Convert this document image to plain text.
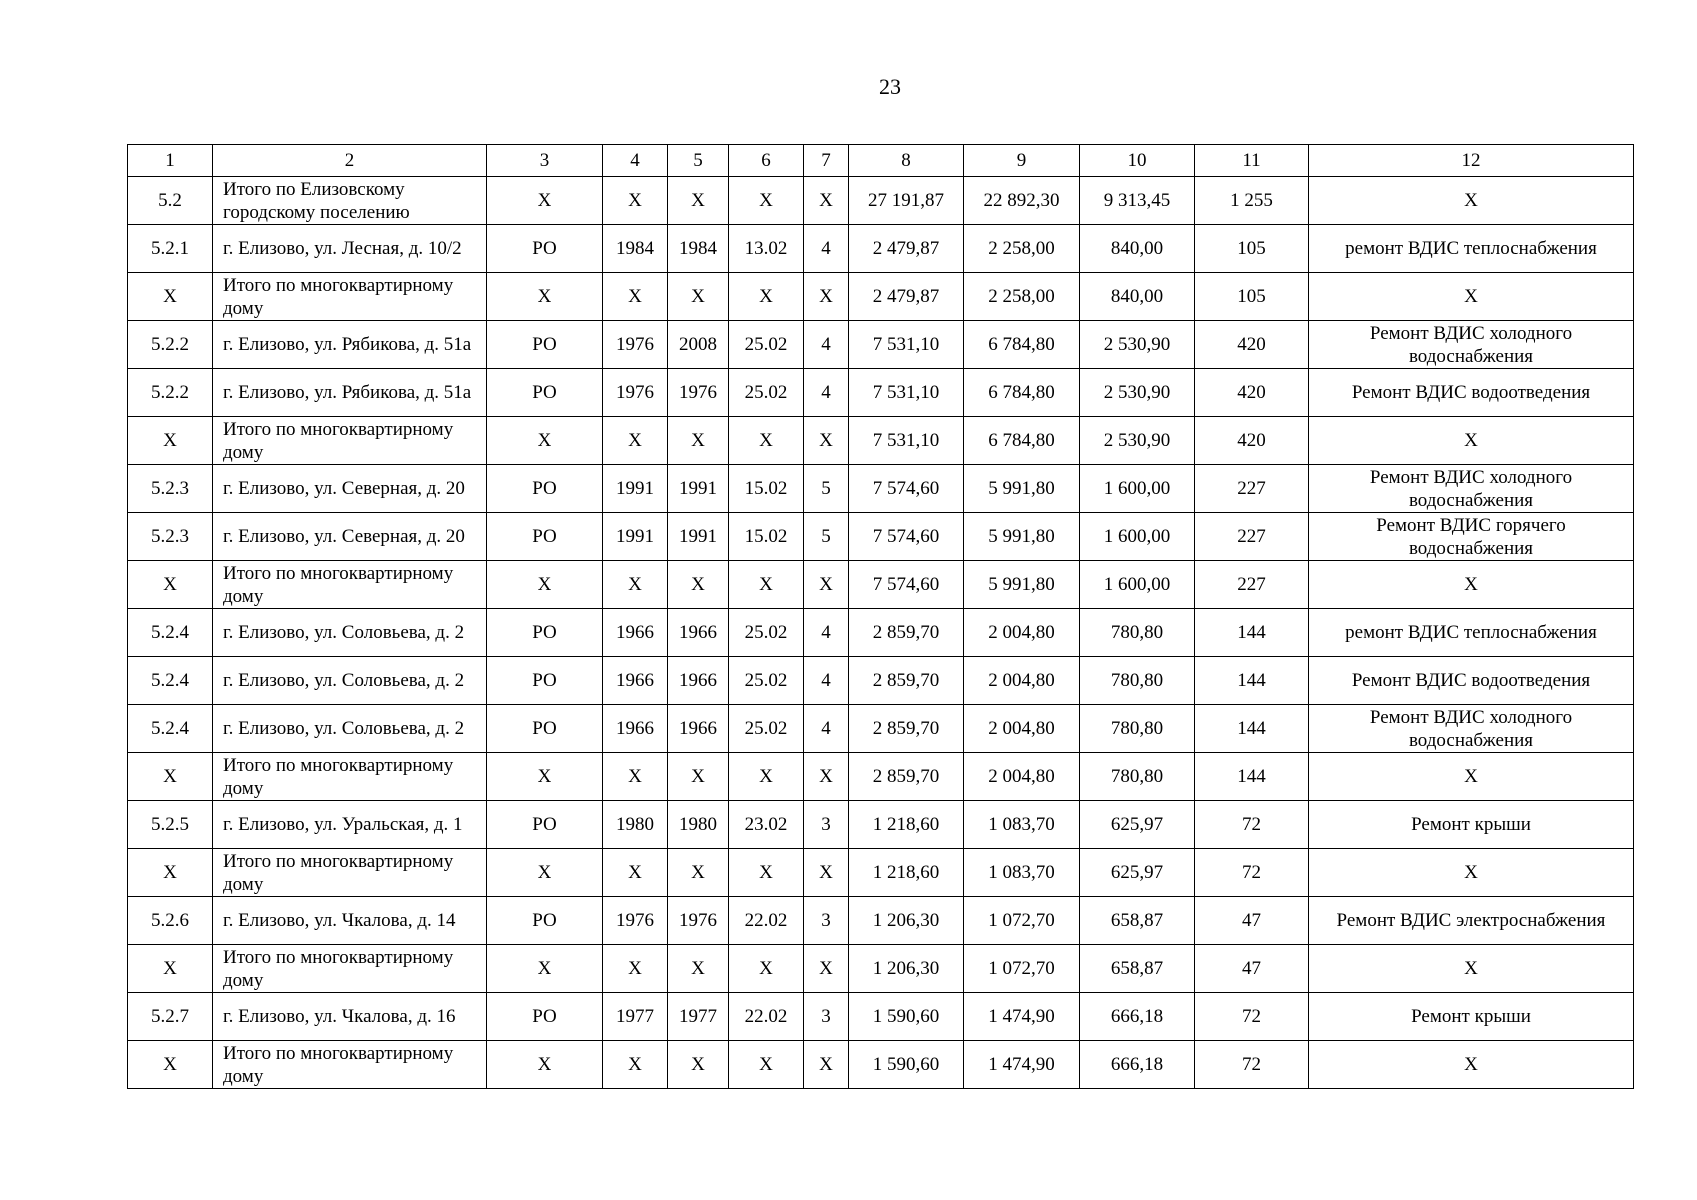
23
1	2	3	4	5	6	7	8	9	10	11	12
5.2	Итого по Елизовскому городскому поселению	X	X	X	X	X	27 191,87	22 892,30	9 313,45	1 255	X
5.2.1	г. Елизово, ул. Лесная, д. 10/2	РО	1984	1984	13.02	4	2 479,87	2 258,00	840,00	105	ремонт ВДИС теплоснабжения
X	Итого по многоквартирному дому	X	X	X	X	X	2 479,87	2 258,00	840,00	105	X
5.2.2	г. Елизово, ул. Рябикова, д. 51а	РО	1976	2008	25.02	4	7 531,10	6 784,80	2 530,90	420	Ремонт ВДИС холодного водоснабжения
5.2.2	г. Елизово, ул. Рябикова, д. 51а	РО	1976	1976	25.02	4	7 531,10	6 784,80	2 530,90	420	Ремонт ВДИС водоотведения
X	Итого по многоквартирному дому	X	X	X	X	X	7 531,10	6 784,80	2 530,90	420	X
5.2.3	г. Елизово, ул. Северная, д. 20	РО	1991	1991	15.02	5	7 574,60	5 991,80	1 600,00	227	Ремонт ВДИС холодного водоснабжения
5.2.3	г. Елизово, ул. Северная, д. 20	РО	1991	1991	15.02	5	7 574,60	5 991,80	1 600,00	227	Ремонт ВДИС горячего водоснабжения
X	Итого по многоквартирному дому	X	X	X	X	X	7 574,60	5 991,80	1 600,00	227	X
5.2.4	г. Елизово, ул. Соловьева, д. 2	РО	1966	1966	25.02	4	2 859,70	2 004,80	780,80	144	ремонт ВДИС теплоснабжения
5.2.4	г. Елизово, ул. Соловьева, д. 2	РО	1966	1966	25.02	4	2 859,70	2 004,80	780,80	144	Ремонт ВДИС водоотведения
5.2.4	г. Елизово, ул. Соловьева, д. 2	РО	1966	1966	25.02	4	2 859,70	2 004,80	780,80	144	Ремонт ВДИС холодного водоснабжения
X	Итого по многоквартирному дому	X	X	X	X	X	2 859,70	2 004,80	780,80	144	X
5.2.5	г. Елизово, ул. Уральская, д. 1	РО	1980	1980	23.02	3	1 218,60	1 083,70	625,97	72	Ремонт крыши
X	Итого по многоквартирному дому	X	X	X	X	X	1 218,60	1 083,70	625,97	72	X
5.2.6	г. Елизово, ул. Чкалова, д. 14	РО	1976	1976	22.02	3	1 206,30	1 072,70	658,87	47	Ремонт ВДИС электроснабжения
X	Итого по многоквартирному дому	X	X	X	X	X	1 206,30	1 072,70	658,87	47	X
5.2.7	г. Елизово, ул. Чкалова, д. 16	РО	1977	1977	22.02	3	1 590,60	1 474,90	666,18	72	Ремонт крыши
X	Итого по многоквартирному дому	X	X	X	X	X	1 590,60	1 474,90	666,18	72	X
